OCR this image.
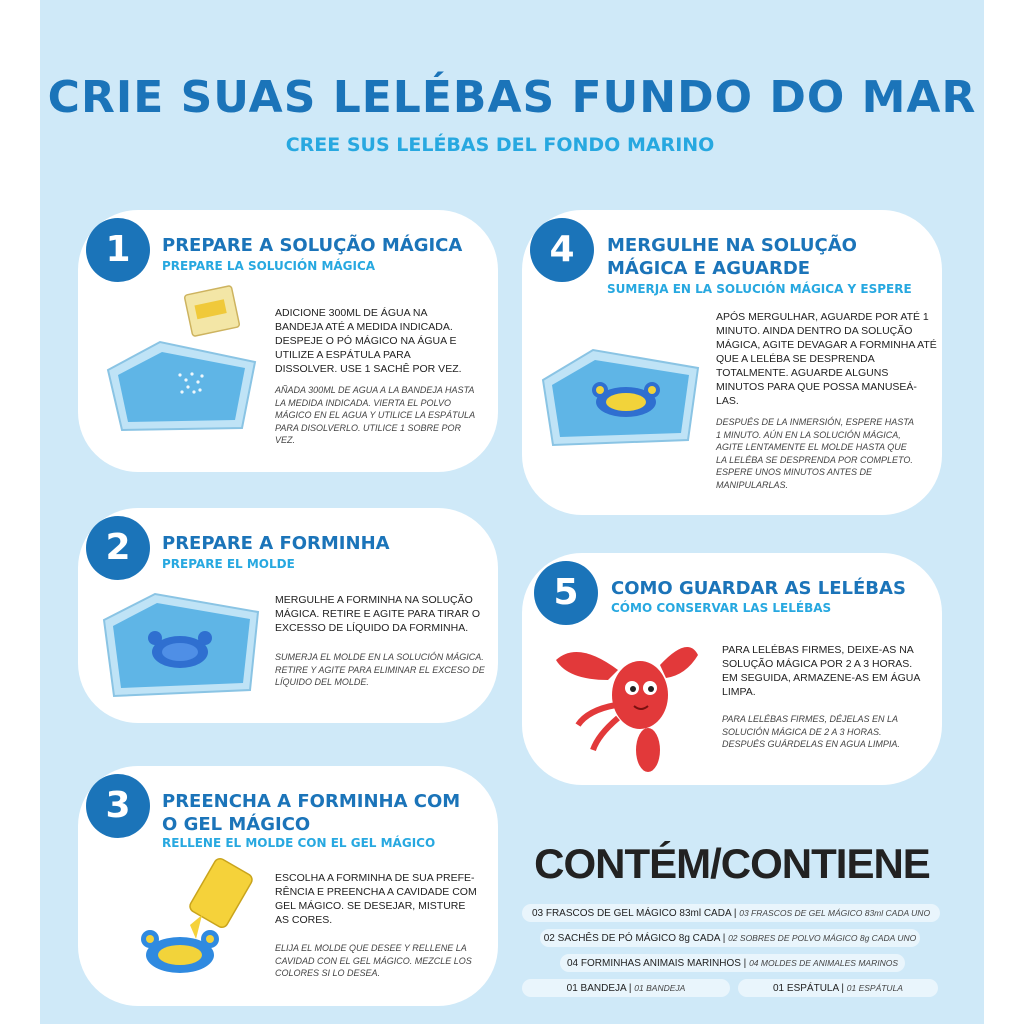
CRIE SUAS LELÉBAS FUNDO DO MAR
CREE SUS LELÉBAS DEL FONDO MARINO
1	PREPARE A SOLUÇÃO MÁGICA
PREPARE LA SOLUCIÓN MÁGICA
ADICIONE 300ML DE ÁGUA NA BANDEJA ATÉ A MEDIDA INDICADA. DESPEJE O PÓ MÁGICO NA ÁGUA E UTILIZE A ESPÁTULA PARA DISSOLVER. USE 1 SACHÊ POR VEZ.
AÑADA 300ML DE AGUA A LA BANDEJA HASTA LA MEDIDA INDICADA. VIERTA EL POLVO MÁGICO EN EL AGUA Y UTILICE LA ESPÁTULA PARA DISOLVERLO. UTILICE 1 SOBRE POR VEZ.
4	MERGULHE NA SOLUÇÃO MÁGICA E AGUARDE
SUMERJA EN LA SOLUCIÓN MÁGICA Y ESPERE
APÓS MERGULHAR, AGUARDE POR ATÉ 1 MINUTO. AINDA DENTRO DA SOLUÇÃO MÁGICA, AGITE DEVAGAR A FORMINHA ATÉ QUE A LELÉBA SE DESPRENDA TOTALMENTE. AGUARDE ALGUNS MINUTOS PARA QUE POSSA MANUSEÁ-LAS.
DESPUÉS DE LA INMERSIÓN, ESPERE HASTA 1 MINUTO. AÚN EN LA SOLUCIÓN MÁGICA, AGITE LENTAMENTE EL MOLDE HASTA QUE LA LELÉBA SE DESPRENDA POR COMPLETO. ESPERE UNOS MINUTOS ANTES DE MANIPULARLAS.
2	PREPARE A FORMINHA
PREPARE EL MOLDE
MERGULHE A FORMINHA NA SOLUÇÃO MÁGICA. RETIRE E AGITE PARA TIRAR O EXCESSO DE LÍQUIDO DA FORMINHA.
SUMERJA EL MOLDE EN LA SOLUCIÓN MÁGICA. RETIRE Y AGITE PARA ELIMINAR EL EXCESO DE LÍQUIDO DEL MOLDE.
5	COMO GUARDAR AS LELÉBAS
CÓMO CONSERVAR LAS LELÉBAS
PARA LELÉBAS FIRMES, DEIXE-AS NA SOLUÇÃO MÁGICA POR 2 A 3 HORAS. EM SEGUIDA, ARMAZENE-AS EM ÁGUA LIMPA.
PARA LELÉBAS FIRMES, DÉJELAS EN LA SOLUCIÓN MÁGICA DE 2 A 3 HORAS. DESPUÉS GUÁRDELAS EN AGUA LIMPIA.
3	PREENCHA A FORMINHA COM O GEL MÁGICO
RELLENE EL MOLDE CON EL GEL MÁGICO
ESCOLHA A FORMINHA DE SUA PREFE-RÊNCIA E PREENCHA A CAVIDADE COM GEL MÁGICO. SE DESEJAR, MISTURE AS CORES.
ELIJA EL MOLDE QUE DESEE Y RELLENE LA CAVIDAD CON EL GEL MÁGICO. MEZCLE LOS COLORES SI LO DESEA.
CONTÉM/CONTIENE
03 FRASCOS DE GEL MÁGICO 83ml CADA | 03 FRASCOS DE GEL MÁGICO 83ml CADA UNO
02 SACHÊS DE PÓ MÁGICO 8g CADA | 02 SOBRES DE POLVO MÁGICO 8g CADA UNO
04 FORMINHAS ANIMAIS MARINHOS | 04 MOLDES DE ANIMALES MARINOS
01 BANDEJA | 01 BANDEJA	01 ESPÁTULA | 01 ESPÁTULA
